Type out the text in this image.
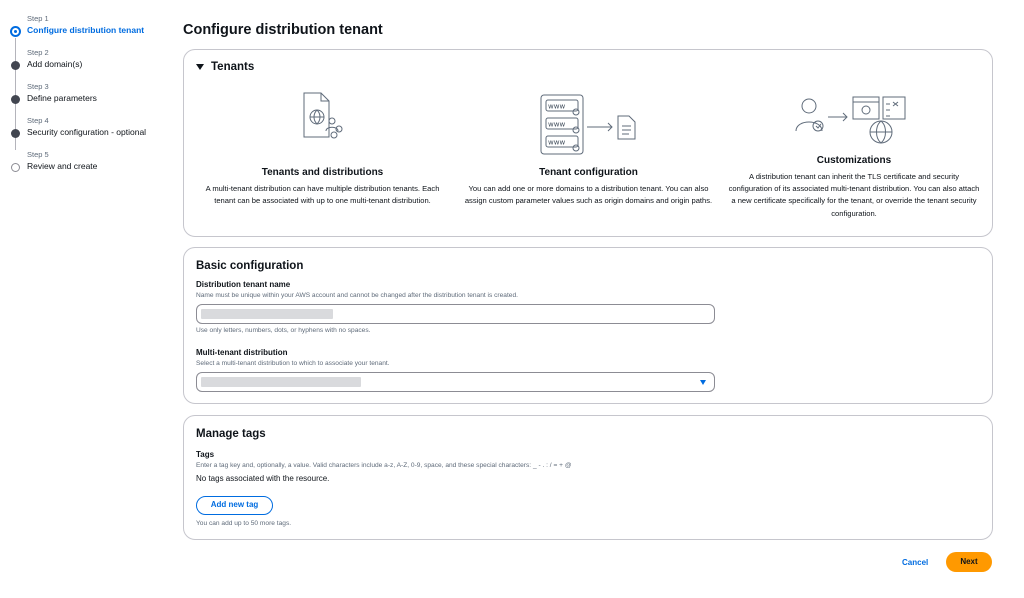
Step 1
Configure distribution tenant
Step 2
Add domain(s)
Step 3
Define parameters
Step 4
Security configuration - optional
Step 5
Review and create
Configure distribution tenant
Tenants
Tenants and distributions
A multi-tenant distribution can have multiple distribution tenants. Each tenant can be associated with up to one multi-tenant distribution.
www
www
www
Tenant configuration
You can add one or more domains to a distribution tenant. You can also assign custom parameter values such as origin domains and origin paths.
Customizations
A distribution tenant can inherit the TLS certificate and security configuration of its associated multi-tenant distribution. You can also attach a new certificate specifically for the tenant, or override the tenant security configuration.
Basic configuration
Distribution tenant name
Name must be unique within your AWS account and cannot be changed after the distribution tenant is created.
Use only letters, numbers, dots, or hyphens with no spaces.
Multi-tenant distribution
Select a multi-tenant distribution to which to associate your tenant.
Manage tags
Tags
Enter a tag key and, optionally, a value. Valid characters include a-z, A-Z, 0-9, space, and these special characters: _ - . : / = + @
No tags associated with the resource.
Add new tag
You can add up to 50 more tags.
Cancel	Next
